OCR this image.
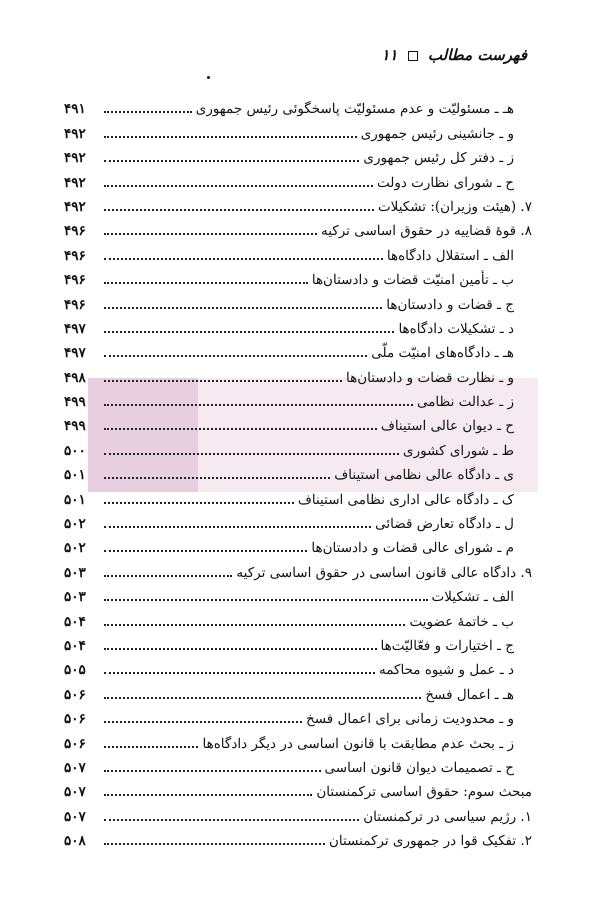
فهرست مطالب  ۱۱
هـ ـ مسئولیّت و عدم مسئولیّت پاسخگوئی رئیس جمهوری
۴۹۱
و ـ جانشینی رئیس جمهوری
۴۹۲
ز ـ دفتر کل رئیس جمهوری
۴۹۲
ح ـ شورای نظارت دولت
۴۹۲
۷. (هیئت وزیران): تشکیلات
۴۹۲
۸. قوۀ قضاییه در حقوق اساسی ترکیه
۴۹۶
الف ـ استقلال دادگاه‌ها
۴۹۶
ب ـ تأمین امنیّت قضات و دادستان‌ها
۴۹۶
ج ـ قضات و دادستان‌ها
۴۹۶
د ـ تشکیلات دادگاه‌ها
۴۹۷
هـ ـ دادگاه‌های امنیّت ملّی
۴۹۷
و ـ نظارت قضات و دادستان‌ها
۴۹۸
ز ـ عدالت نظامی
۴۹۹
ح ـ دیوان عالی استیناف
۴۹۹
ط ـ شورای کشوری
۵۰۰
ی ـ دادگاه عالی نظامی استیناف
۵۰۱
ک ـ دادگاه عالی اداری نظامی استیناف
۵۰۱
ل ـ دادگاه تعارض قضائی
۵۰۲
م ـ شورای عالی قضات و دادستان‌ها
۵۰۲
۹. دادگاه عالی قانون اساسی در حقوق اساسی ترکیه
۵۰۳
الف ـ تشکیلات
۵۰۳
ب ـ خاتمۀ عضویت
۵۰۴
ج ـ اختیارات و فعّالیّت‌ها
۵۰۴
د ـ عمل و شیوه محاکمه
۵۰۵
هـ ـ اعمال فسخ
۵۰۶
و ـ محدودیت زمانی برای اعمال فسخ
۵۰۶
ز ـ بحث عدم مطابقت با قانون اساسی در دیگر دادگاه‌ها
۵۰۶
ح ـ تصمیمات دیوان قانون اساسی
۵۰۷
مبحث سوم: حقوق اساسی ترکمنستان
۵۰۷
۱. رژیم سیاسی در ترکمنستان
۵۰۷
۲. تفکیک قوا در جمهوری ترکمنستان
۵۰۸
